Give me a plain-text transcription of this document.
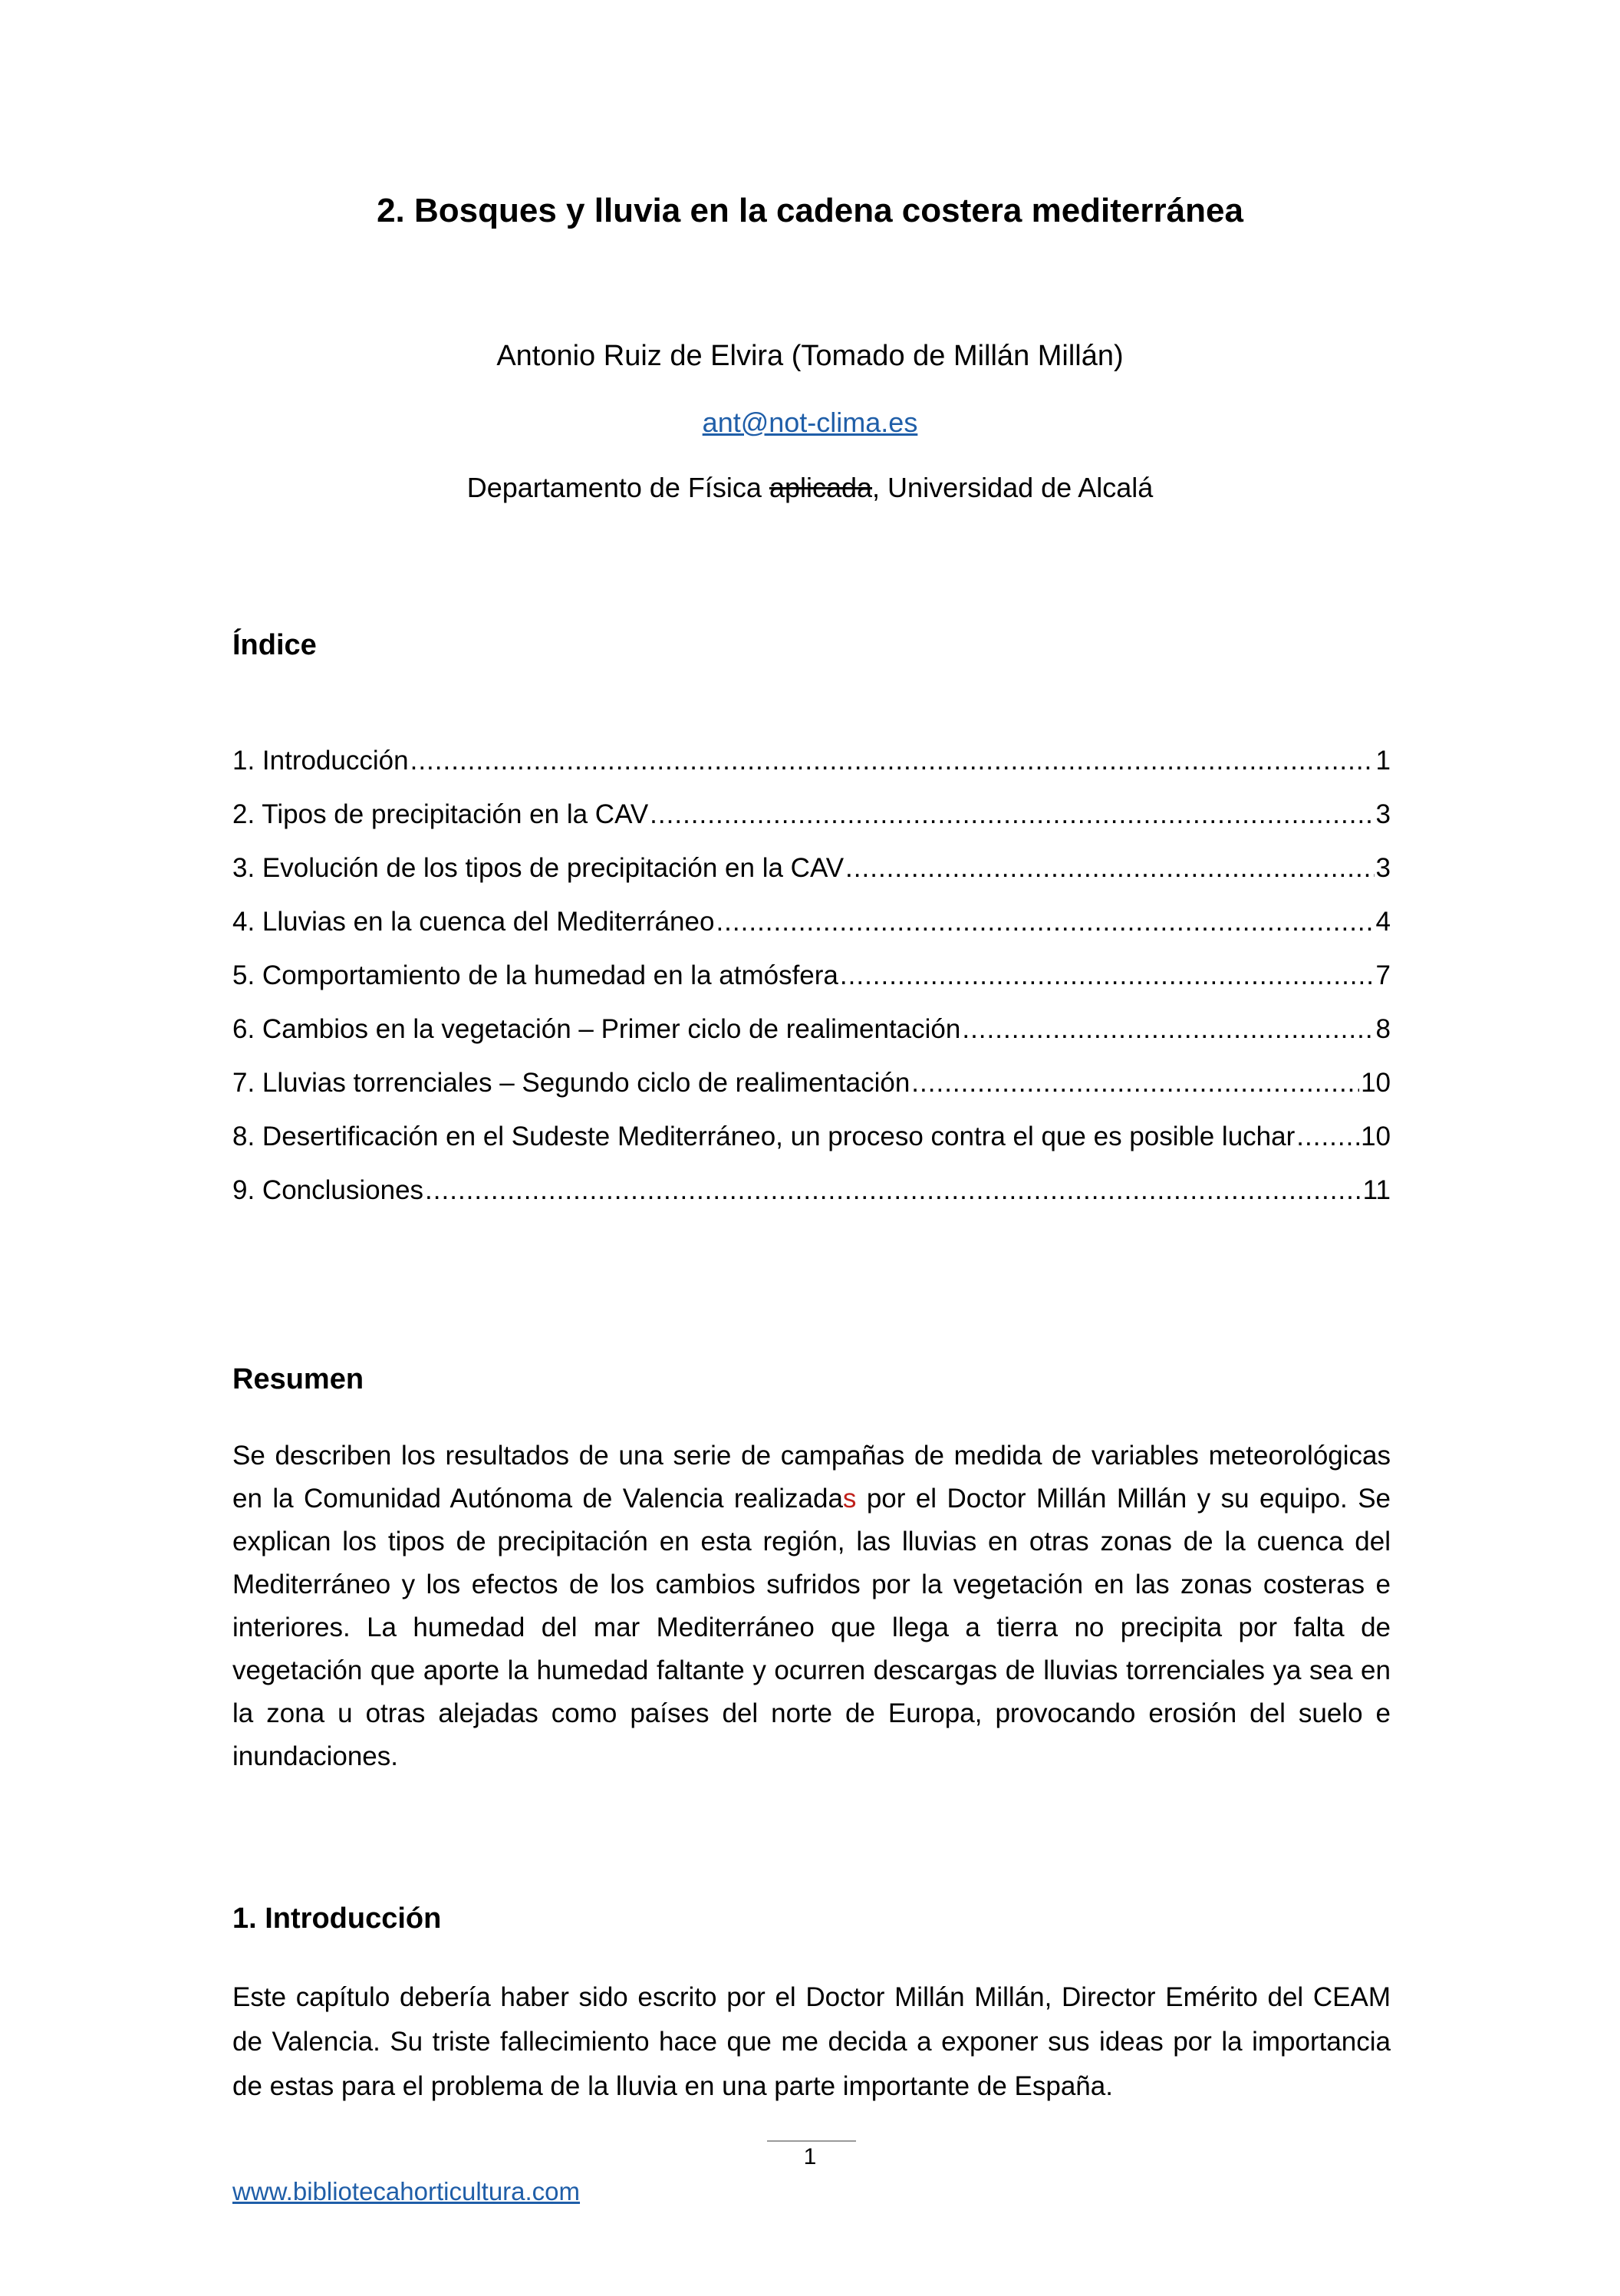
2. Bosques y lluvia en la cadena costera mediterránea
Antonio Ruiz de Elvira (Tomado de Millán Millán)
ant@not-clima.es
Departamento de Física aplicada, Universidad de Alcalá
Índice
1. Introducción .....	1
2. Tipos de precipitación en la CAV .....	3
3. Evolución de los tipos de precipitación en la CAV .....	3
4. Lluvias en la cuenca del Mediterráneo .....	4
5. Comportamiento de la humedad en la atmósfera .....	7
6. Cambios en la vegetación – Primer ciclo de realimentación .....	8
7. Lluvias torrenciales – Segundo ciclo de realimentación .....	10
8. Desertificación en el Sudeste Mediterráneo, un proceso contra el que es posible luchar ..... 10
9. Conclusiones .....	11
Resumen

Se describen los resultados de una serie de campañas de medida de variables meteorológicas en la Comunidad Autónoma de Valencia realizadas por el Doctor Millán Millán y su equipo. Se explican los tipos de precipitación en esta región, las lluvias en otras zonas de la cuenca del Mediterráneo y los efectos de los cambios sufridos por la vegetación en las zonas costeras e interiores. La humedad del mar Mediterráneo que llega a tierra no precipita por falta de vegetación que aporte la humedad faltante y ocurren descargas de lluvias torrenciales ya sea en la zona u otras alejadas como países del norte de Europa, provocando erosión del suelo e inundaciones.

1. Introducción

Este capítulo debería haber sido escrito por el Doctor Millán Millán, Director Emérito del CEAM de Valencia. Su triste fallecimiento hace que me decida a exponer sus ideas por la importancia de estas para el problema de la lluvia en una parte importante de España.

1
www.bibliotecahorticultura.com
